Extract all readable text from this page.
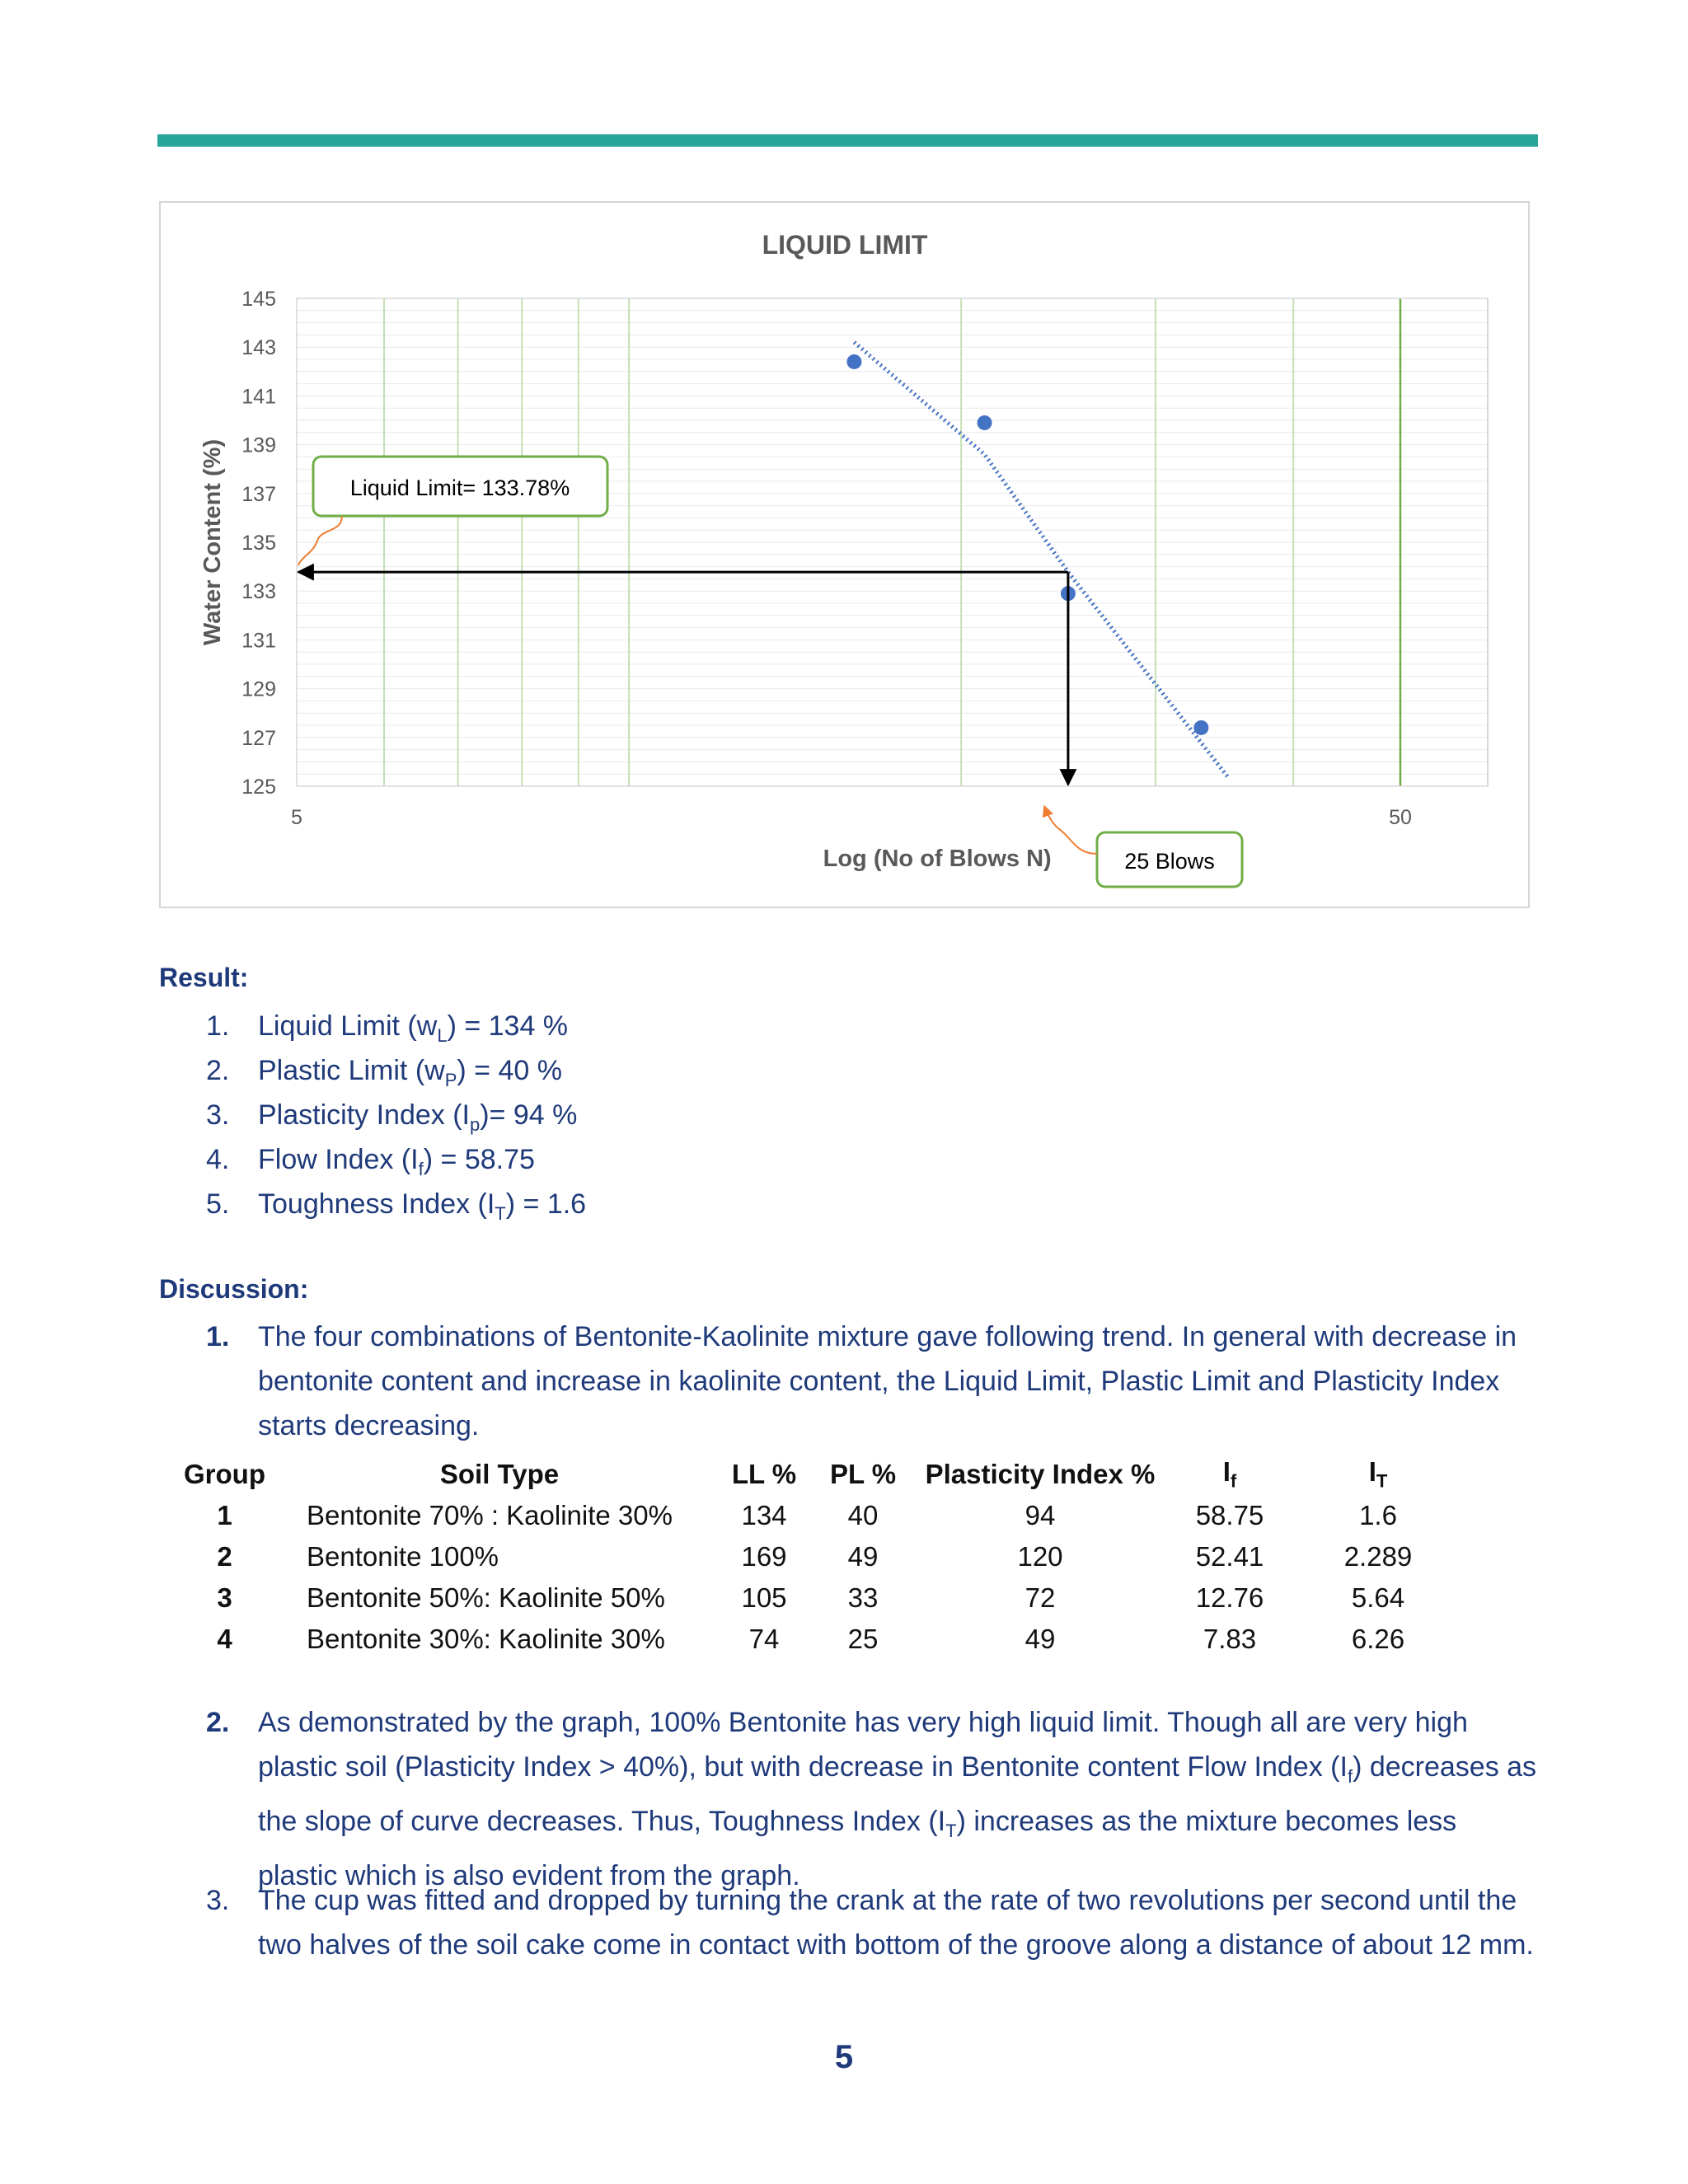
LIQUID LIMIT
145
143
141
139
137
135
133
131
129
127
125
5	50
Log (No of Blows N)
Water Content (%)	Liquid Limit= 133.78%
25 Blows
Result:
1. Liquid Limit $(w_L) = 134$ %
2. Plastic Limit $(w_P) = 40$ %
3. Plasticity Index $(I_p)= 94$ %
4. Flow Index $(I_f) = 58.75$
5. Toughness Index $(I_T) = 1.6$
Discussion:
1.	The four combinations of Bentonite-Kaolinite mixture gave following trend. In general with decrease in bentonite content and increase in kaolinite content, the Liquid Limit, Plastic Limit and Plasticity Index starts decreasing.
Group	Soil Type	LL %	PL %	Plasticity Index %	$I_f$	$I_T$
1	Bentonite 70% : Kaolinite 30%	134	40	94	58.75	1.6
2	Bentonite 100%	169	49	120	52.41	2.289
3	Bentonite 50%: Kaolinite 50%	105	33	72	12.76	5.64
4	Bentonite 30%: Kaolinite 30%	74	25	49	7.83	6.26
2.	As demonstrated by the graph, 100% Bentonite has very high liquid limit. Though all are very high plastic soil (Plasticity Index > 40%), but with decrease in Bentonite content Flow Index $(I_f)$ decreases as the slope of curve decreases. Thus, Toughness Index $(I_T)$ increases as the mixture becomes less plastic which is also evident from the graph.
3.	The cup was fitted and dropped by turning the crank at the rate of two revolutions per second until the two halves of the soil cake come in contact with bottom of the groove along a distance of about 12 mm.
5
